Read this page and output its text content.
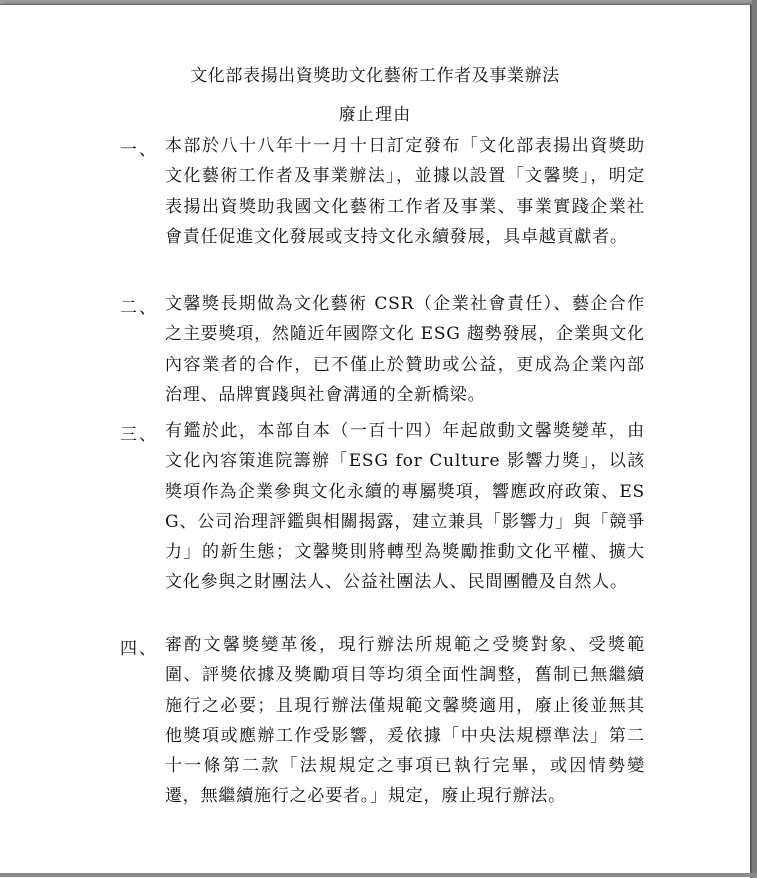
文化部表揚出資獎助文化藝術工作者及事業辦法
廢止理由
一、 本部於八十八年十一月十日訂定發布「文化部表揚出資獎助文化藝術工作者及事業辦法」，並據以設置「文馨獎」，明定表揚出資獎助我國文化藝術工作者及事業、事業實踐企業社會責任促進文化發展或支持文化永續發展，具卓越貢獻者。
二、 文馨獎長期做為文化藝術 CSR（企業社會責任）、藝企合作之主要獎項，然隨近年國際文化 ESG 趨勢發展，企業與文化內容業者的合作，已不僅止於贊助或公益，更成為企業內部治理、品牌實踐與社會溝通的全新橋梁。
三、 有鑑於此，本部自本（一百十四）年起啟動文馨獎變革，由文化內容策進院籌辦「ESG for Culture 影響力獎」，以該獎項作為企業參與文化永續的專屬獎項，響應政府政策、ESG、公司治理評鑑與相關揭露，建立兼具「影響力」與「競爭力」的新生態；文馨獎則將轉型為獎勵推動文化平權、擴大文化參與之財團法人、公益社團法人、民間團體及自然人。
四、 審酌文馨獎變革後，現行辦法所規範之受獎對象、受獎範圍、評獎依據及獎勵項目等均須全面性調整，舊制已無繼續施行之必要；且現行辦法僅規範文馨獎適用，廢止後並無其他獎項或應辦工作受影響，爰依據「中央法規標準法」第二十一條第二款「法規規定之事項已執行完畢，或因情勢變遷，無繼續施行之必要者。」規定，廢止現行辦法。
